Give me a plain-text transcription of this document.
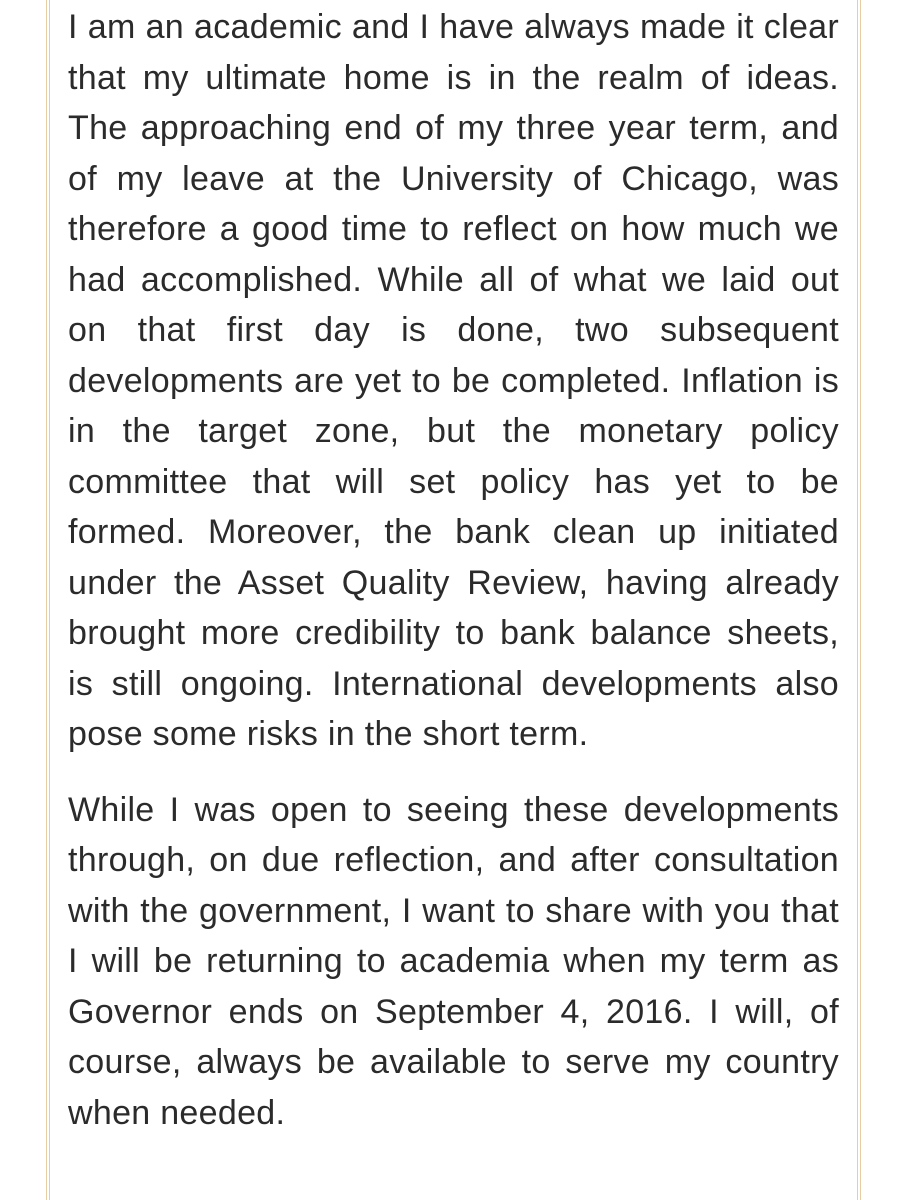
I am an academic and I have always made it clear that my ultimate home is in the realm of ideas. The approaching end of my three year term, and of my leave at the University of Chicago, was therefore a good time to reflect on how much we had accomplished. While all of what we laid out on that first day is done, two subsequent developments are yet to be completed. Inflation is in the target zone, but the monetary policy committee that will set policy has yet to be formed. Moreover, the bank clean up initiated under the Asset Quality Review, having already brought more credibility to bank balance sheets, is still ongoing. International developments also pose some risks in the short term.

While I was open to seeing these developments through, on due reflection, and after consultation with the government, I want to share with you that I will be returning to academia when my term as Governor ends on September 4, 2016. I will, of course, always be available to serve my country when needed.
